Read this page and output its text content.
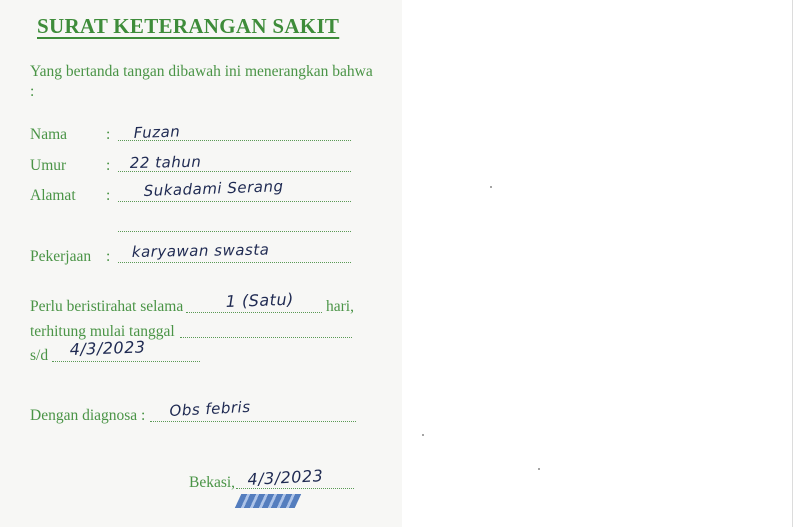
SURAT KETERANGAN SAKIT
Yang bertanda tangan dibawah ini menerangkan bahwa :
Nama	: Fuzan
Umur	: 22 tahun
Alamat : Sukadami Serang
Pekerjaan : karyawan swasta
Perlu beristirahat selama	1 (Satu) hari,
terhitung mulai tanggal
s/d 4/3/2023
Dengan diagnosa : Obs febris
Bekasi, 4/3/2023
